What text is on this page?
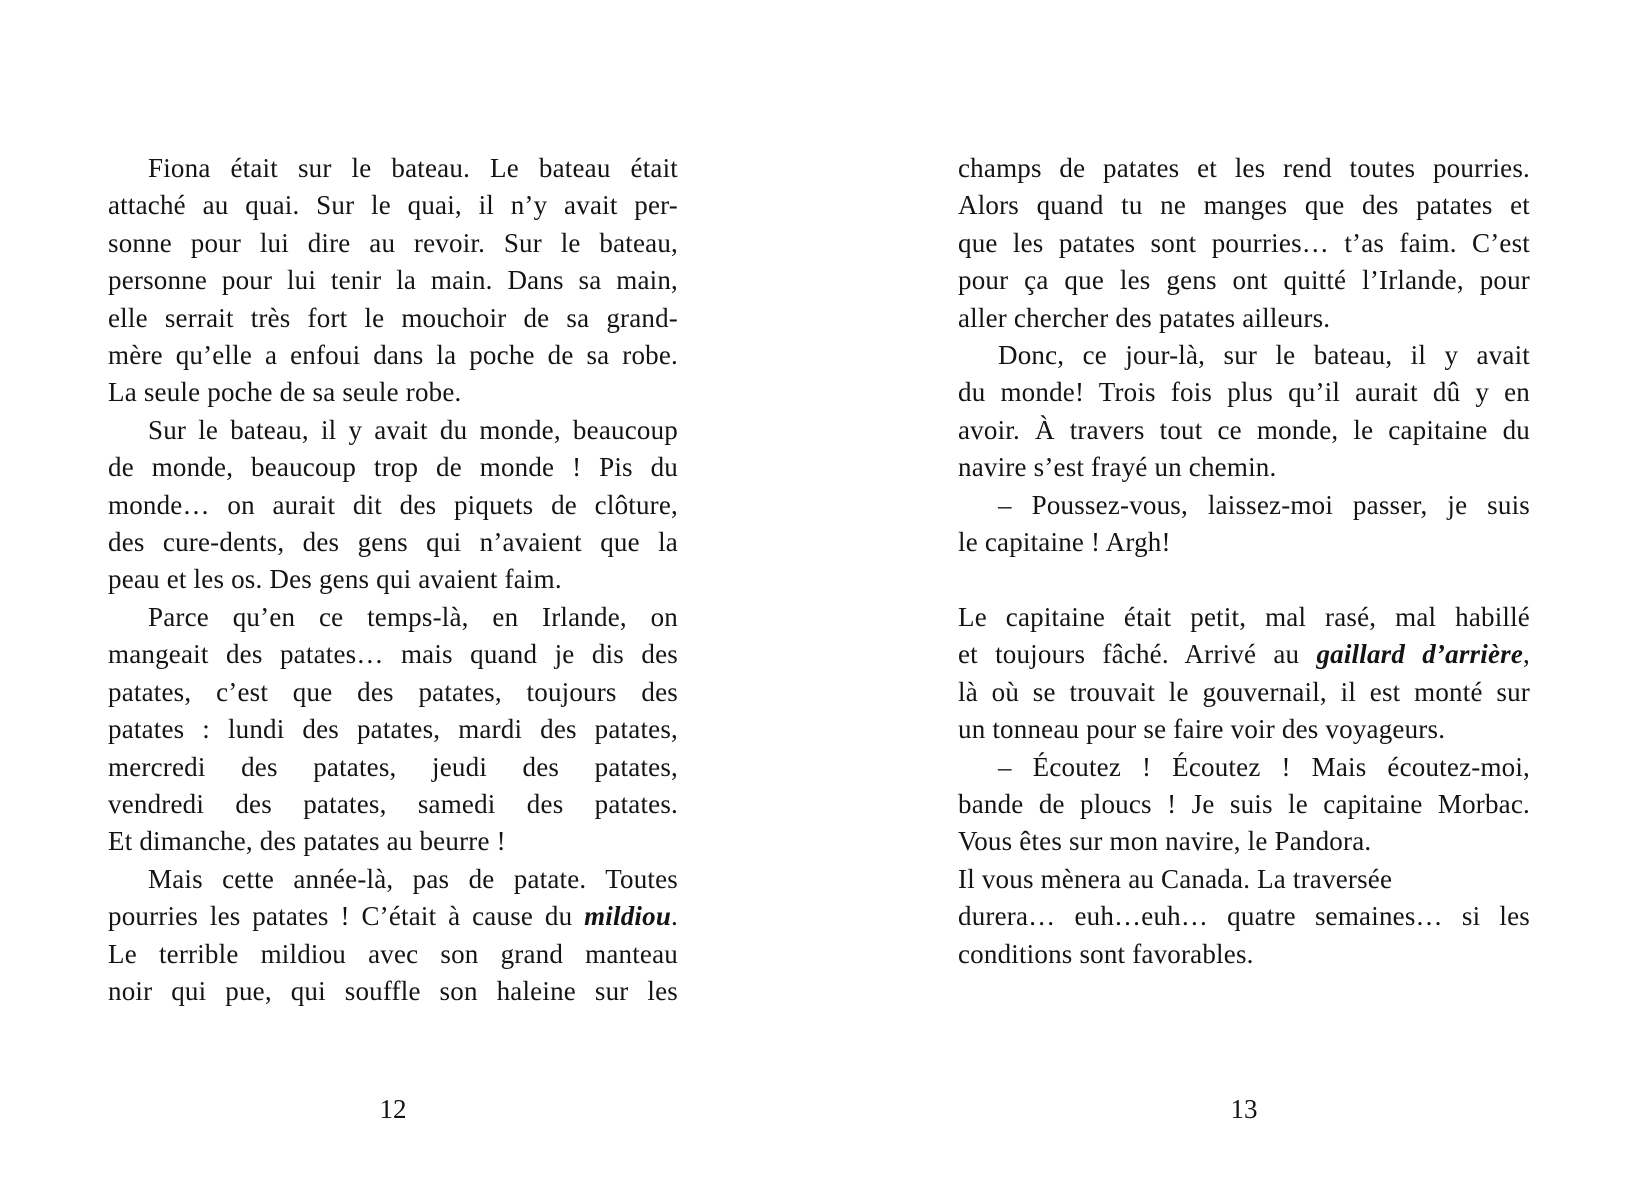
Fiona était sur le bateau. Le bateau était
attaché au quai. Sur le quai, il n’y avait per-
sonne pour lui dire au revoir. Sur le bateau,
personne pour lui tenir la main. Dans sa main,
elle serrait très fort le mouchoir de sa grand-
mère qu’elle a enfoui dans la poche de sa robe.
La seule poche de sa seule robe.
Sur le bateau, il y avait du monde, beaucoup
de monde, beaucoup trop de monde ! Pis du
monde… on aurait dit des piquets de clôture,
des cure-dents, des gens qui n’avaient que la
peau et les os. Des gens qui avaient faim.
Parce qu’en ce temps-là, en Irlande, on
mangeait des patates… mais quand je dis des
patates, c’est que des patates, toujours des
patates : lundi des patates, mardi des patates,
mercredi des patates, jeudi des patates,
vendredi des patates, samedi des patates.
Et dimanche, des patates au beurre !
Mais cette année-là, pas de patate. Toutes
pourries les patates ! C’était à cause du mildiou.
Le terrible mildiou avec son grand manteau
noir qui pue, qui souffle son haleine sur les
champs de patates et les rend toutes pourries.
Alors quand tu ne manges que des patates et
que les patates sont pourries… t’as faim. C’est
pour ça que les gens ont quitté l’Irlande, pour
aller chercher des patates ailleurs.
Donc, ce jour-là, sur le bateau, il y avait
du monde! Trois fois plus qu’il aurait dû y en
avoir. À travers tout ce monde, le capitaine du
navire s’est frayé un chemin.
– Poussez-vous, laissez-moi passer, je suis
le capitaine ! Argh!

Le capitaine était petit, mal rasé, mal habillé
et toujours fâché. Arrivé au gaillard d’arrière,
là où se trouvait le gouvernail, il est monté sur
un tonneau pour se faire voir des voyageurs.
– Écoutez ! Écoutez ! Mais écoutez-moi,
bande de ploucs ! Je suis le capitaine Morbac.
Vous êtes sur mon navire, le Pandora.
Il vous mènera au Canada. La traversée
durera… euh…euh… quatre semaines… si les
conditions sont favorables.
12	13
